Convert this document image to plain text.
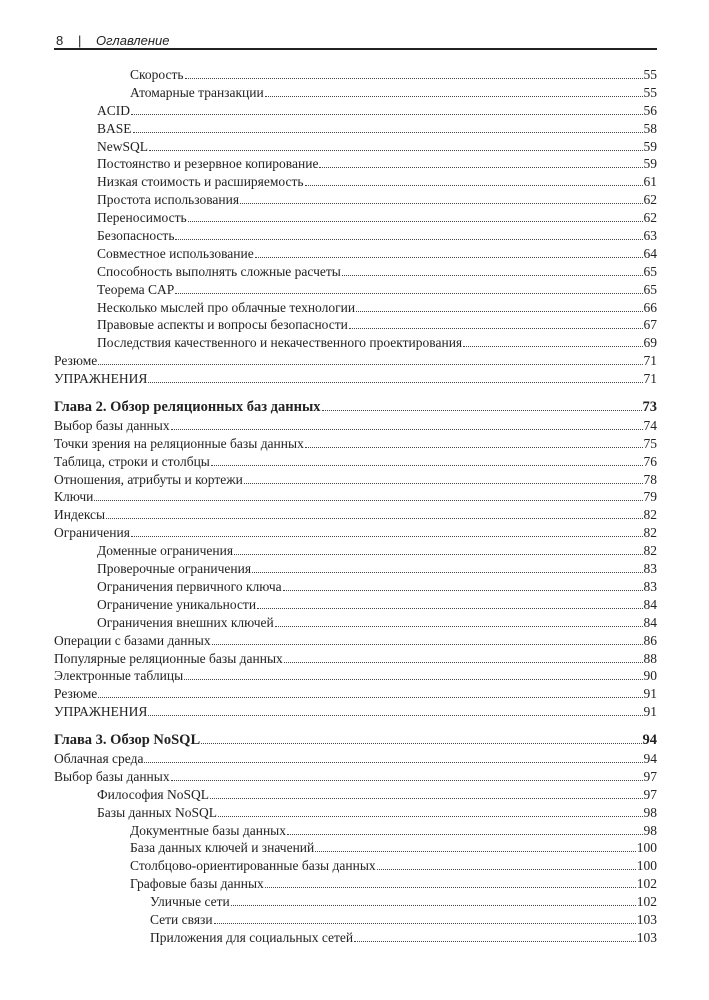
8 | Оглавление
Скорость	55
Атомарные транзакции	55
ACID	56
BASE	58
NewSQL	59
Постоянство и резервное копирование	59
Низкая стоимость и расширяемость	61
Простота использования	62
Переносимость	62
Безопасность	63
Совместное использование	64
Способность выполнять сложные расчеты	65
Теорема CAP	65
Несколько мыслей про облачные технологии	66
Правовые аспекты и вопросы безопасности	67
Последствия качественного и некачественного проектирования	69
Резюме	71
УПРАЖНЕНИЯ	71
Глава 2. Обзор реляционных баз данных	73
Выбор базы данных	74
Точки зрения на реляционные базы данных	75
Таблица, строки и столбцы	76
Отношения, атрибуты и кортежи	78
Ключи	79
Индексы	82
Ограничения	82
Доменные ограничения	82
Проверочные ограничения	83
Ограничения первичного ключа	83
Ограничение уникальности	84
Ограничения внешних ключей	84
Операции с базами данных	86
Популярные реляционные базы данных	88
Электронные таблицы	90
Резюме	91
УПРАЖНЕНИЯ	91
Глава 3. Обзор NoSQL	94
Облачная среда	94
Выбор базы данных	97
Философия NoSQL	97
Базы данных NoSQL	98
Документные базы данных	98
База данных ключей и значений	100
Столбцово-ориентированные базы данных	100
Графовые базы данных	102
Уличные сети	102
Сети связи	103
Приложения для социальных сетей	103
